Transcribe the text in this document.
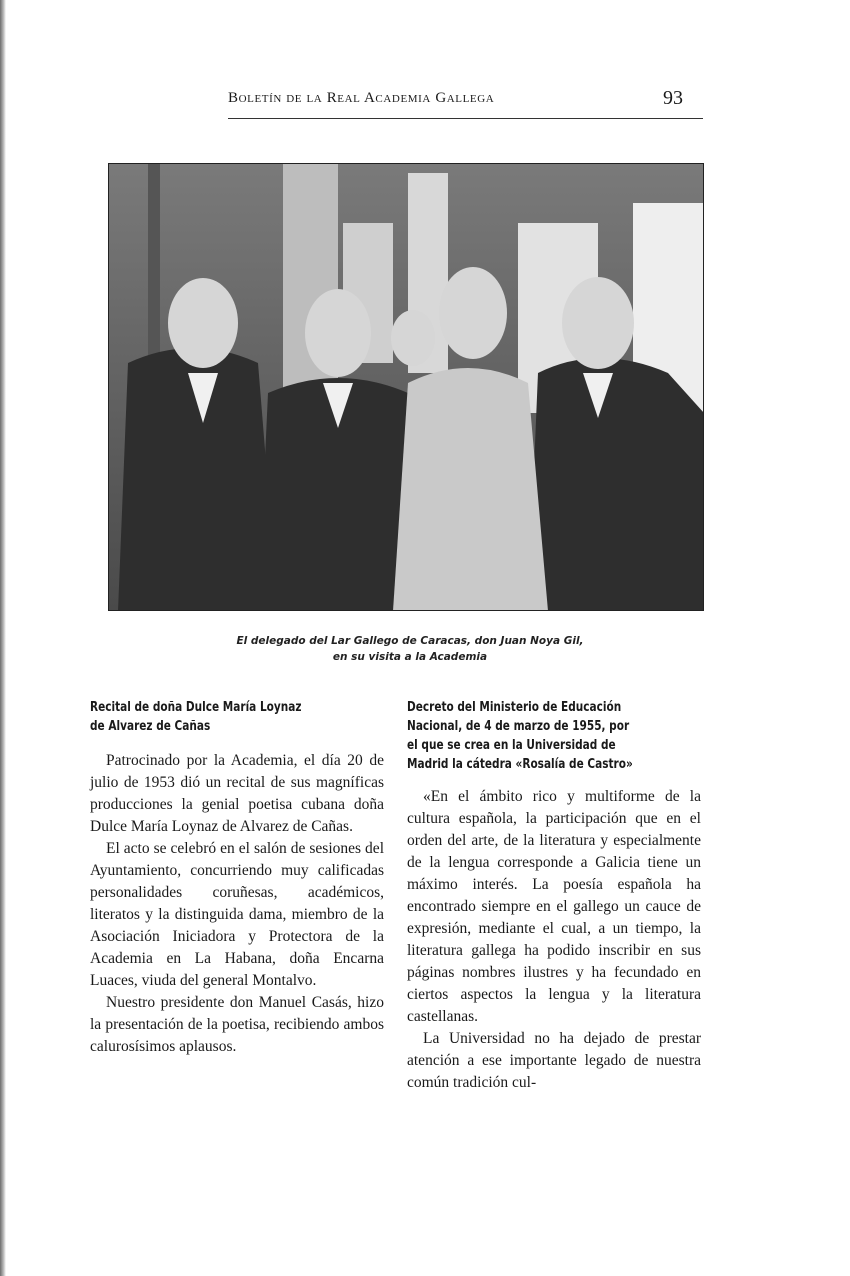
Boletín de la Real Academia Gallega	93
El delegado del Lar Gallego de Caracas, don Juan Noya Gil,
en su visita a la Academia
Recital de doña Dulce María Loynaz
de Alvarez de Cañas

Patrocinado por la Academia, el día 20 de julio de 1953 dió un recital de sus magníficas producciones la genial poetisa cubana doña Dulce María Loynaz de Alvarez de Cañas.

El acto se celebró en el salón de sesiones del Ayuntamiento, concurriendo muy calificadas personalidades coruñesas, académicos, literatos y la distinguida dama, miembro de la Asociación Iniciadora y Protectora de la Academia en La Habana, doña Encarna Luaces, viuda del general Montalvo.

Nuestro presidente don Manuel Casás, hizo la presentación de la poetisa, recibiendo ambos calurosísimos aplausos.

Decreto del Ministerio de Educación
Nacional, de 4 de marzo de 1955, por
el que se crea en la Universidad de
Madrid la cátedra «Rosalía de Castro»

«En el ámbito rico y multiforme de la cultura española, la participación que en el orden del arte, de la literatura y especialmente de la lengua corresponde a Galicia tiene un máximo interés. La poesía española ha encontrado siempre en el gallego un cauce de expresión, mediante el cual, a un tiempo, la literatura gallega ha podido inscribir en sus páginas nombres ilustres y ha fecundado en ciertos aspectos la lengua y la literatura castellanas.

La Universidad no ha dejado de prestar atención a ese importante legado de nuestra común tradición cul-
